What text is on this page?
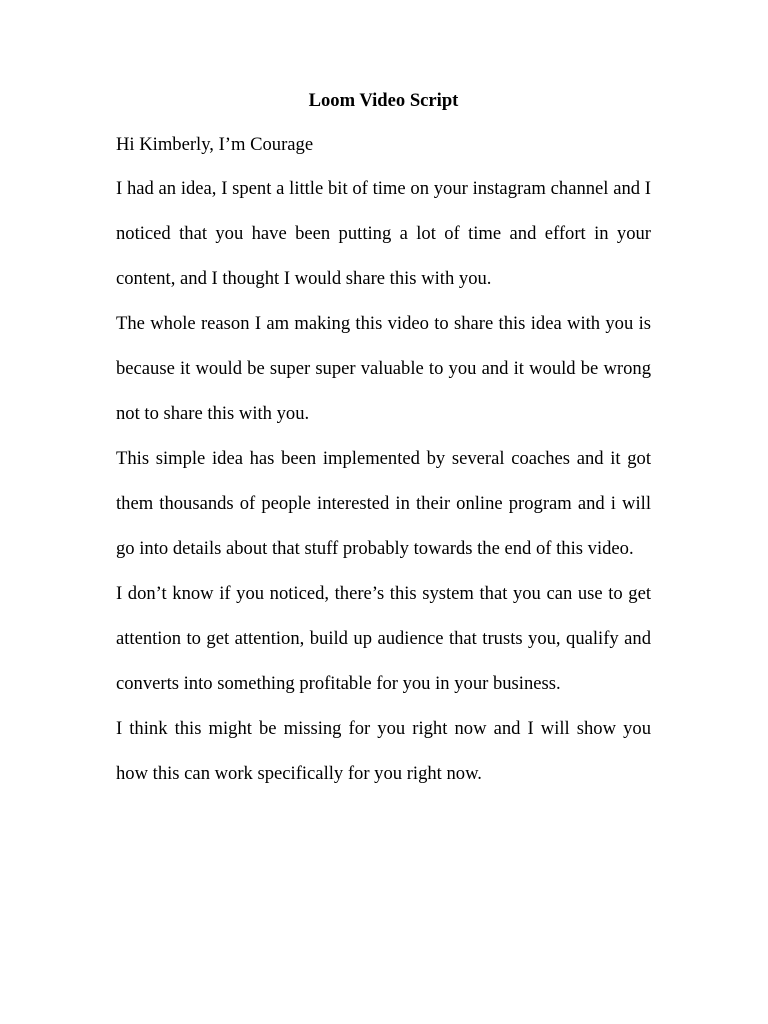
Loom Video Script
Hi Kimberly, I’m Courage

I had an idea, I spent a little bit of time on your instagram channel and I noticed that you have been putting a lot of time and effort in your content, and I thought I would share this with you.

The whole reason I am making this video to share this idea with you is because it would be super super valuable to you and it would be wrong not to share this with you.

This simple idea has been implemented by several coaches and it got them thousands of people interested in their online program and i will go into details about that stuff probably towards the end of this video.

I don’t know if you noticed, there’s this system that you can use to get attention to get attention, build up audience that trusts you, qualify and converts into something profitable for you in your business.

I think this might be missing for you right now and I will show you how this can work specifically for you right now.
